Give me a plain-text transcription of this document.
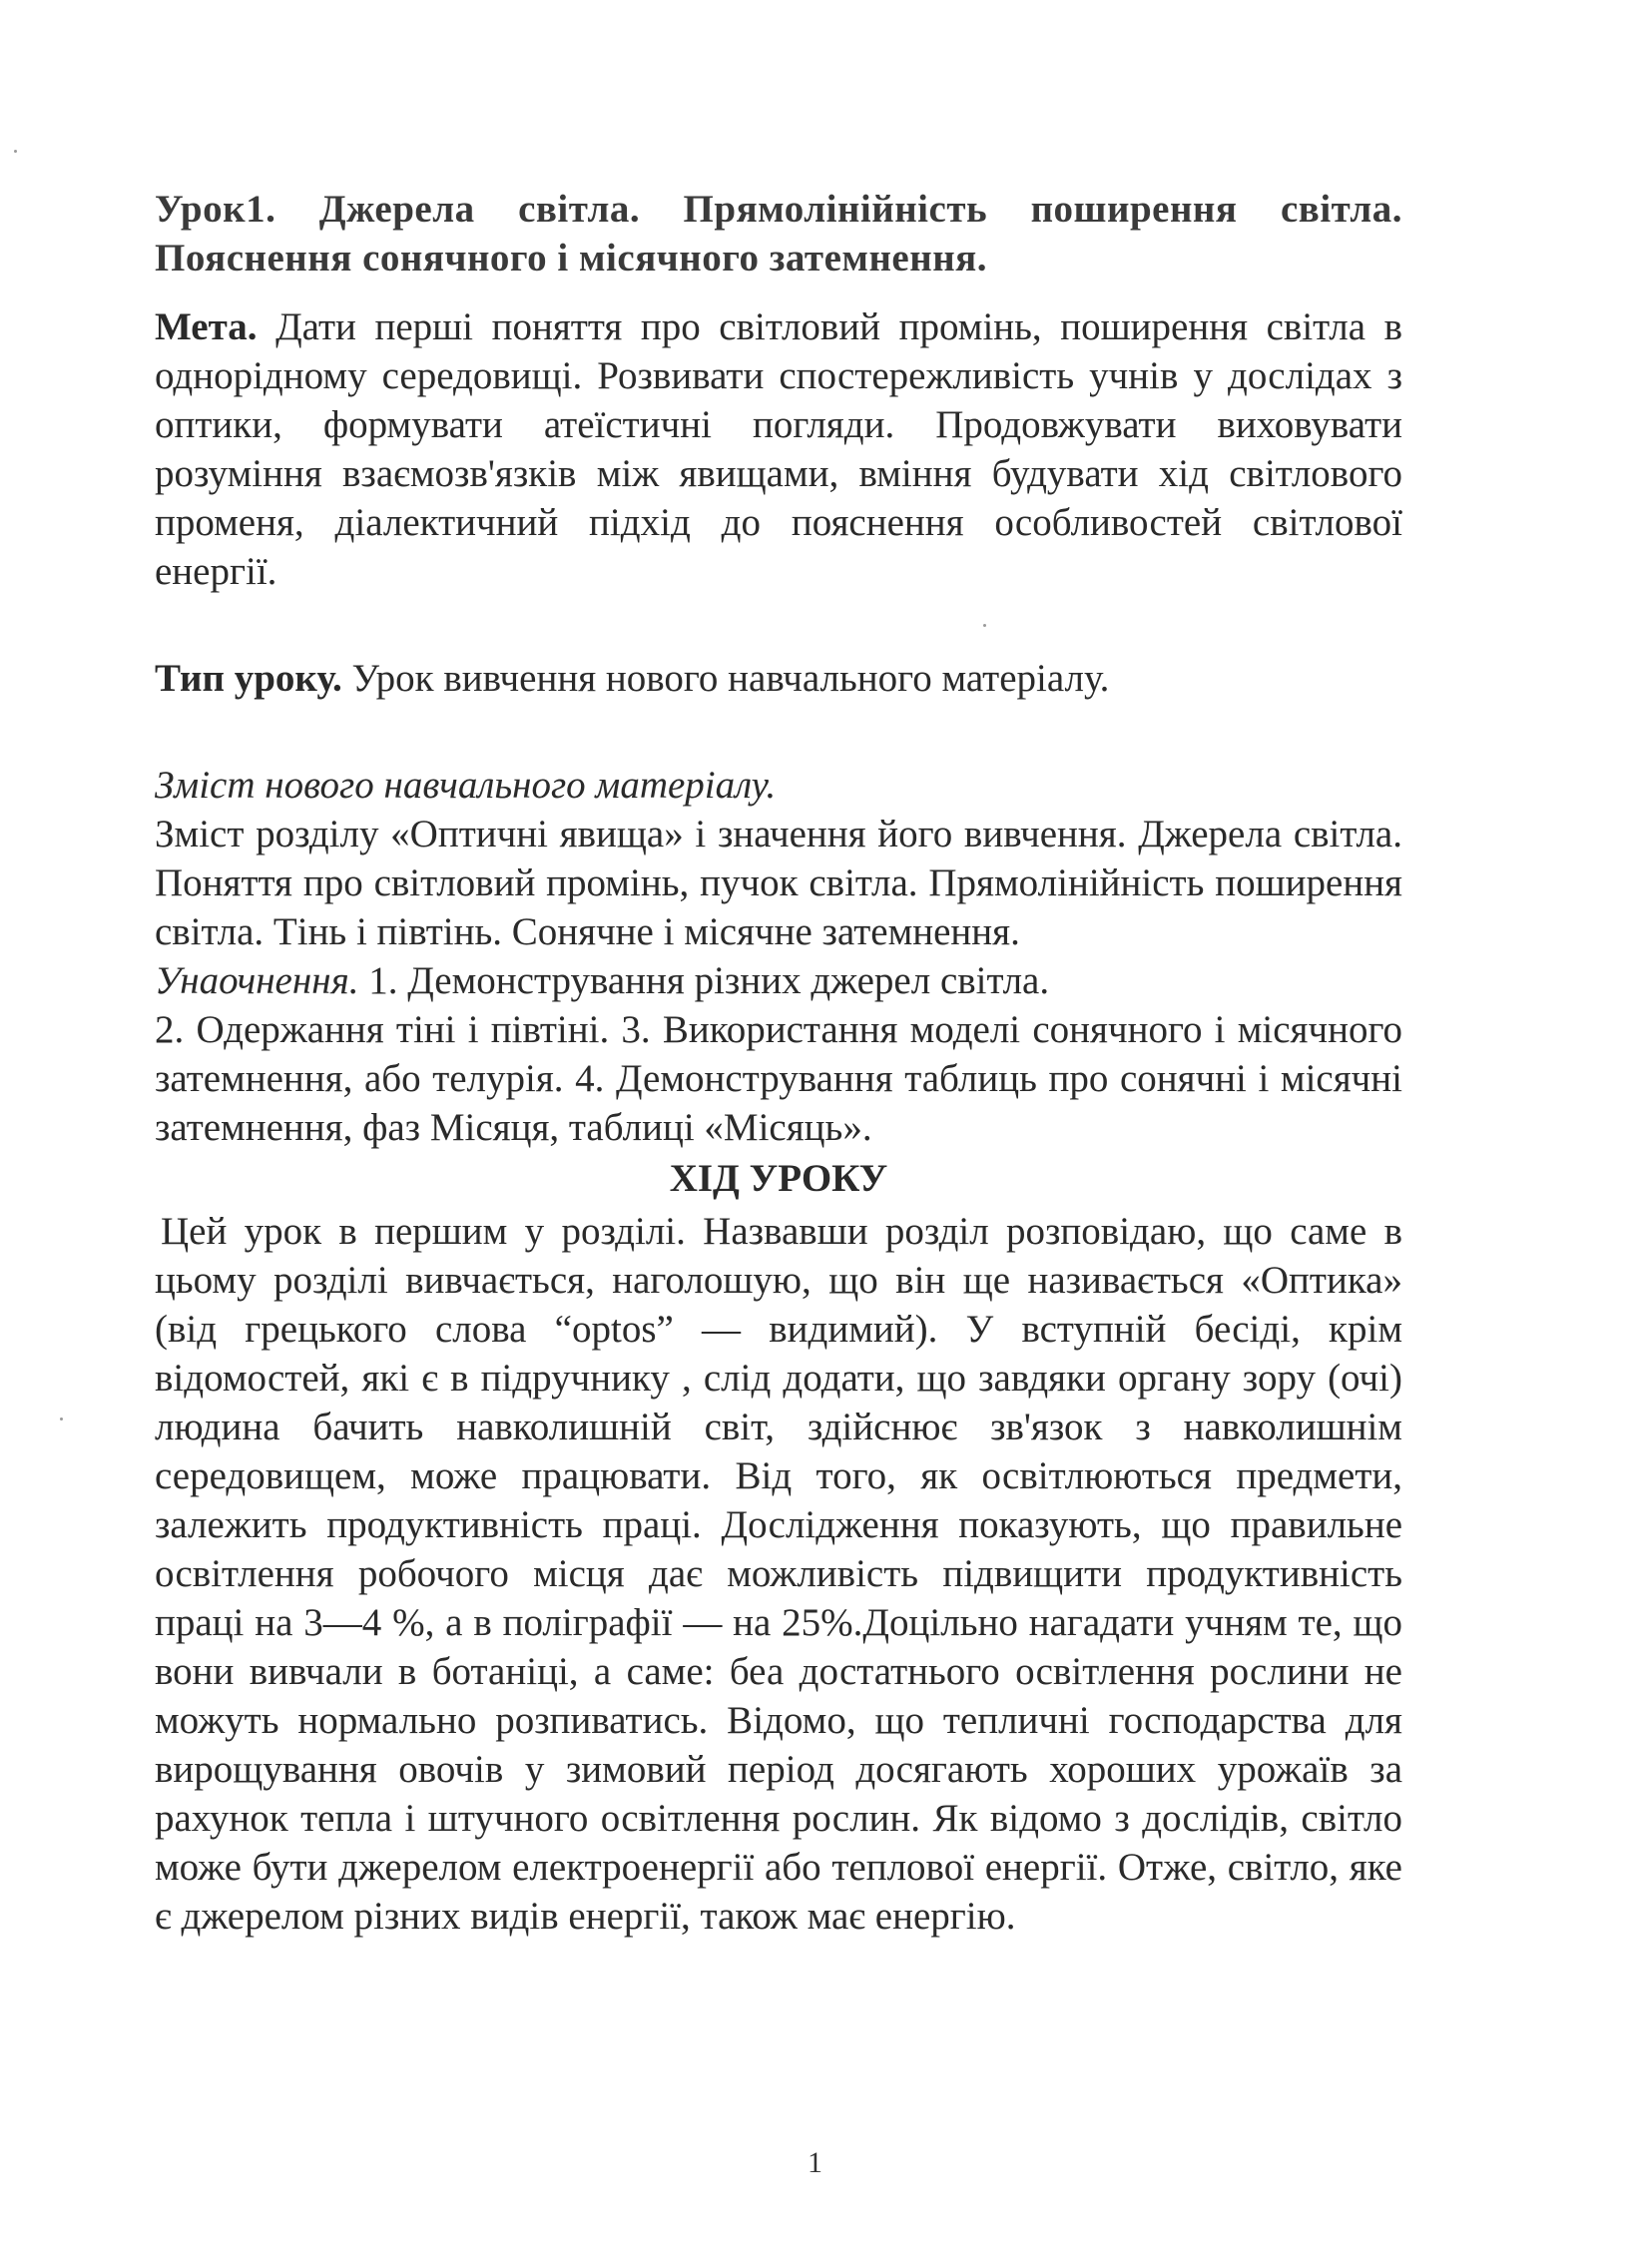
Урок1. Джерела світла. Прямолінійність поширення світла. Пояснення сонячного і місячного затемнення.

Мета. Дати перші поняття про світловий промінь, поширення світла в однорідному середовищі. Розвивати спостережливість учнів у дослідах з оптики, формувати атеїстичні погляди. Продовжувати виховувати розуміння взаємозв'язків між явищами, вміння будувати хід світлового променя, діалектичний підхід до пояснення особливостей світлової енергії.

Тип уроку. Урок вивчення нового навчального матеріалу.

Зміст нового навчального матеріалу.

Зміст розділу «Оптичні явища» і значення його вивчення. Джерела світла. Поняття про світловий промінь, пучок світла. Прямолінійність поширення світла. Тінь і півтінь. Сонячне і місячне затемнення.

Унаочнення. 1. Демонстрування різних джерел світла.

2. Одержання тіні і півтіні. 3. Використання моделі сонячного і місячного затемнення, або телурія. 4. Демонстрування таблиць про сонячні і місячні затемнення, фаз Місяця, таблиці «Місяць».

ХІД УРОКУ

Цей урок в першим у розділі. Назвавши розділ розповідаю, що саме в цьому розділі вивчається, наголошую, що він ще називається «Оптика» (від грецького слова “optos” — видимий). У вступній бесіді, крім відомостей, які є в підручнику , слід додати, що завдяки органу зору (очі) людина бачить навколишній світ, здійснює зв'язок з навколишнім середовищем, може працювати. Від того, як освітлюються предмети, залежить продуктивність праці. Дослідження показують, що правильне освітлення робочого місця дає можливість підвищити продуктивність праці на 3—4 %, а в поліграфії — на 25%.Доцільно нагадати учням те, що вони вивчали в ботаніці, а саме: беа достатнього освітлення рослини не можуть нормально розпиватись. Відомо, що тепличні господарства для вирощування овочів у зимовий період досягають хороших урожаїв за рахунок тепла і штучного освітлення рослин. Як відомо з дослідів, світло може бути джерелом електроенергії або теплової енергії. Отже, світло, яке є джерелом різних видів енергії, також має енергію.

1
